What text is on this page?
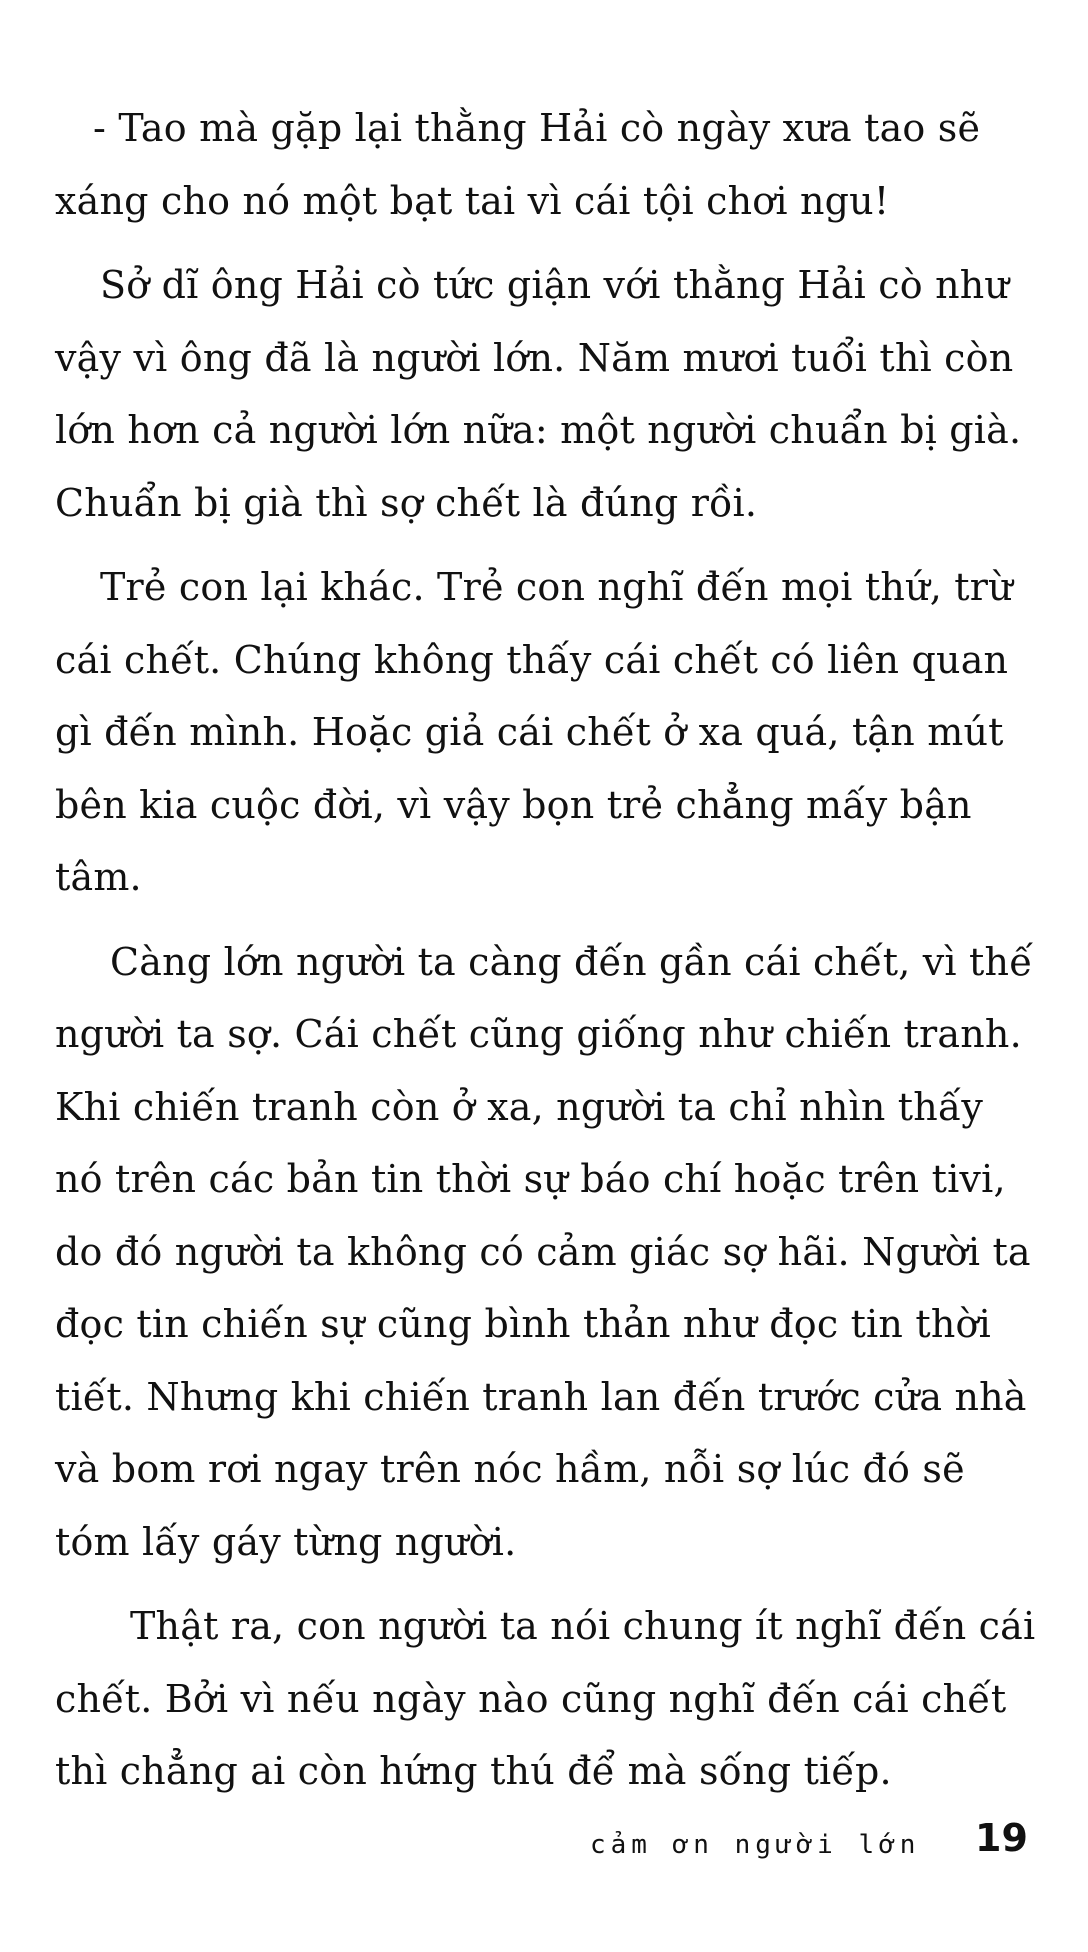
- Tao mà gặp lại thằng Hải cò ngày xưa tao sẽ
xáng cho nó một bạt tai vì cái tội chơi ngu!
Sở dĩ ông Hải cò tức giận với thằng Hải cò như
vậy vì ông đã là người lớn. Năm mươi tuổi thì còn
lớn hơn cả người lớn nữa: một người chuẩn bị già.
Chuẩn bị già thì sợ chết là đúng rồi.
Trẻ con lại khác. Trẻ con nghĩ đến mọi thứ, trừ
cái chết. Chúng không thấy cái chết có liên quan
gì đến mình. Hoặc giả cái chết ở xa quá, tận mút
bên kia cuộc đời, vì vậy bọn trẻ chẳng mấy bận
tâm.
Càng lớn người ta càng đến gần cái chết, vì thế
người ta sợ. Cái chết cũng giống như chiến tranh.
Khi chiến tranh còn ở xa, người ta chỉ nhìn thấy
nó trên các bản tin thời sự báo chí hoặc trên tivi,
do đó người ta không có cảm giác sợ hãi. Người ta
đọc tin chiến sự cũng bình thản như đọc tin thời
tiết. Nhưng khi chiến tranh lan đến trước cửa nhà
và bom rơi ngay trên nóc hầm, nỗi sợ lúc đó sẽ
tóm lấy gáy từng người.
Thật ra, con người ta nói chung ít nghĩ đến cái
chết. Bởi vì nếu ngày nào cũng nghĩ đến cái chết
thì chẳng ai còn hứng thú để mà sống tiếp.
cảm ơn người lớn 19
